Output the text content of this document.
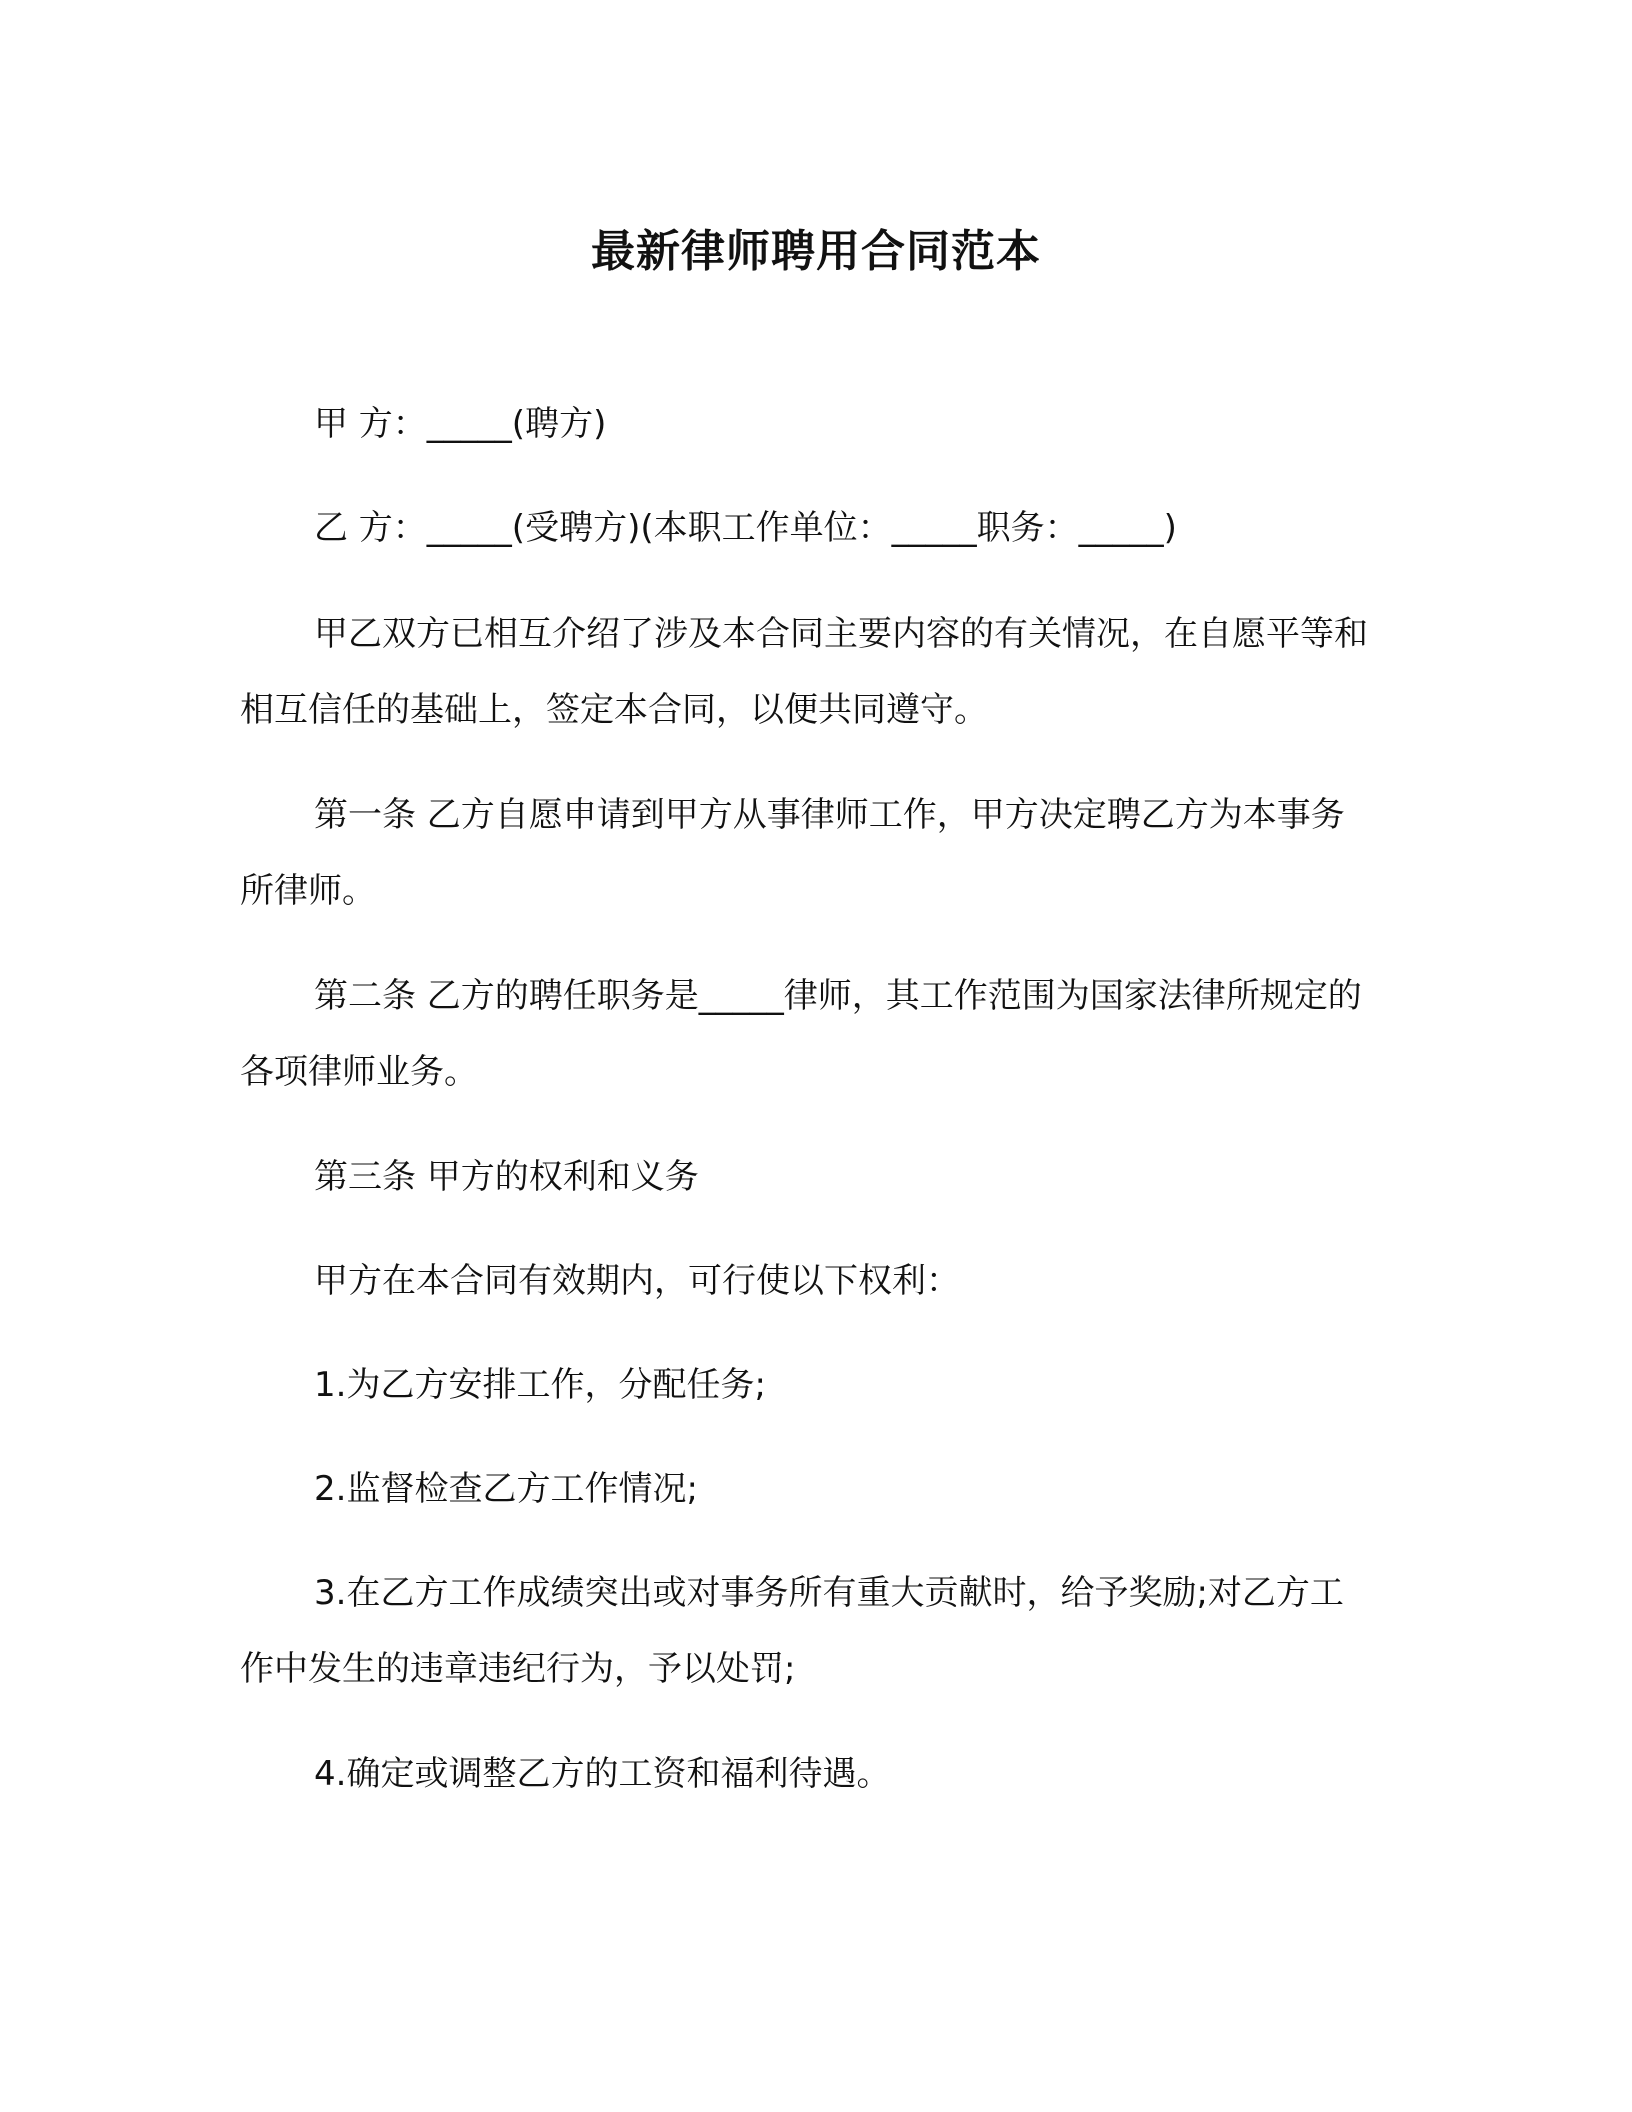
最新律师聘用合同范本

甲 方：_____(聘方)

乙 方：_____(受聘方)(本职工作单位：_____职务：_____)

甲乙双方已相互介绍了涉及本合同主要内容的有关情况，在自愿平等和相互信任的基础上，签定本合同，以便共同遵守。

第一条 乙方自愿申请到甲方从事律师工作，甲方决定聘乙方为本事务所律师。

第二条 乙方的聘任职务是_____律师，其工作范围为国家法律所规定的各项律师业务。

第三条 甲方的权利和义务

甲方在本合同有效期内，可行使以下权利：

1.为乙方安排工作，分配任务;

2.监督检查乙方工作情况;

3.在乙方工作成绩突出或对事务所有重大贡献时，给予奖励;对乙方工作中发生的违章违纪行为，予以处罚;

4.确定或调整乙方的工资和福利待遇。
